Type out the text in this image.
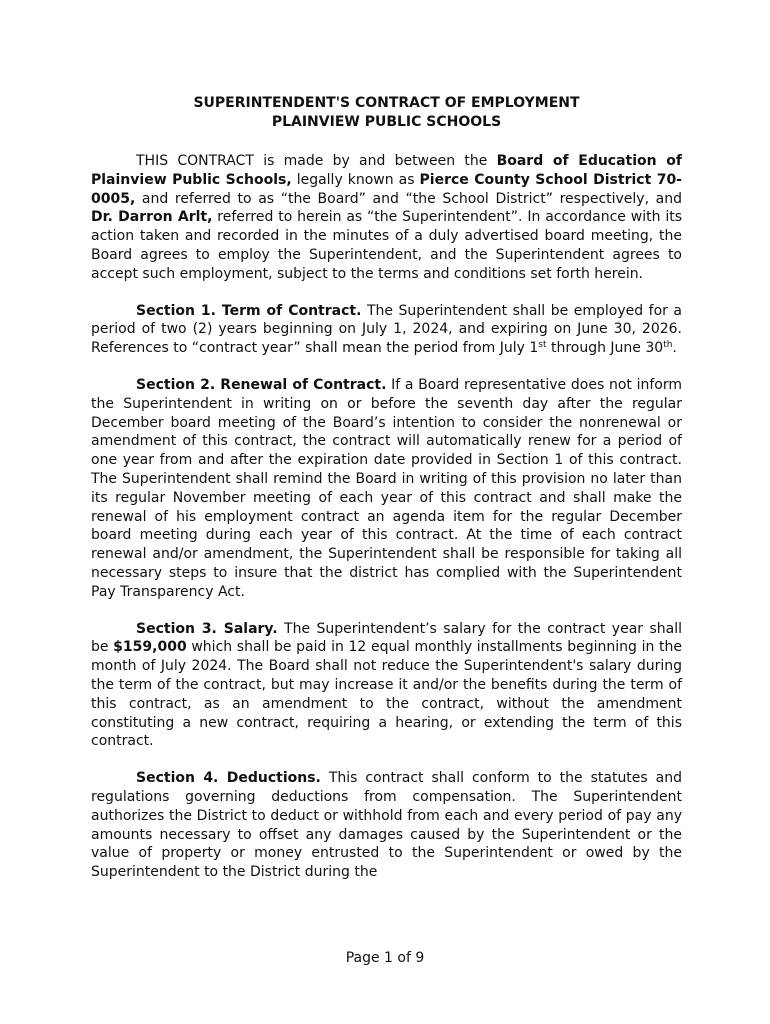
SUPERINTENDENT'S CONTRACT OF EMPLOYMENT
PLAINVIEW PUBLIC SCHOOLS

THIS CONTRACT is made by and between the Board of Education of Plainview Public Schools, legally known as Pierce County School District 70-0005, and referred to as “the Board” and “the School District” respectively, and Dr. Darron Arlt, referred to herein as “the Superintendent”. In accordance with its action taken and recorded in the minutes of a duly advertised board meeting, the Board agrees to employ the Superintendent, and the Superintendent agrees to accept such employment, subject to the terms and conditions set forth herein.

Section 1. Term of Contract. The Superintendent shall be employed for a period of two (2) years beginning on July 1, 2024, and expiring on June 30, 2026. References to “contract year” shall mean the period from July 1st through June 30th.

Section 2. Renewal of Contract. If a Board representative does not inform the Superintendent in writing on or before the seventh day after the regular December board meeting of the Board’s intention to consider the nonrenewal or amendment of this contract, the contract will automatically renew for a period of one year from and after the expiration date provided in Section 1 of this contract. The Superintendent shall remind the Board in writing of this provision no later than its regular November meeting of each year of this contract and shall make the renewal of his employment contract an agenda item for the regular December board meeting during each year of this contract. At the time of each contract renewal and/or amendment, the Superintendent shall be responsible for taking all necessary steps to insure that the district has complied with the Superintendent Pay Transparency Act.

Section 3. Salary. The Superintendent’s salary for the contract year shall be $159,000 which shall be paid in 12 equal monthly installments beginning in the month of July 2024. The Board shall not reduce the Superintendent's salary during the term of the contract, but may increase it and/or the benefits during the term of this contract, as an amendment to the contract, without the amendment constituting a new contract, requiring a hearing, or extending the term of this contract.

Section 4. Deductions. This contract shall conform to the statutes and regulations governing deductions from compensation. The Superintendent authorizes the District to deduct or withhold from each and every period of pay any amounts necessary to offset any damages caused by the Superintendent or the value of property or money entrusted to the Superintendent or owed by the Superintendent to the District during the

Page 1 of 9
